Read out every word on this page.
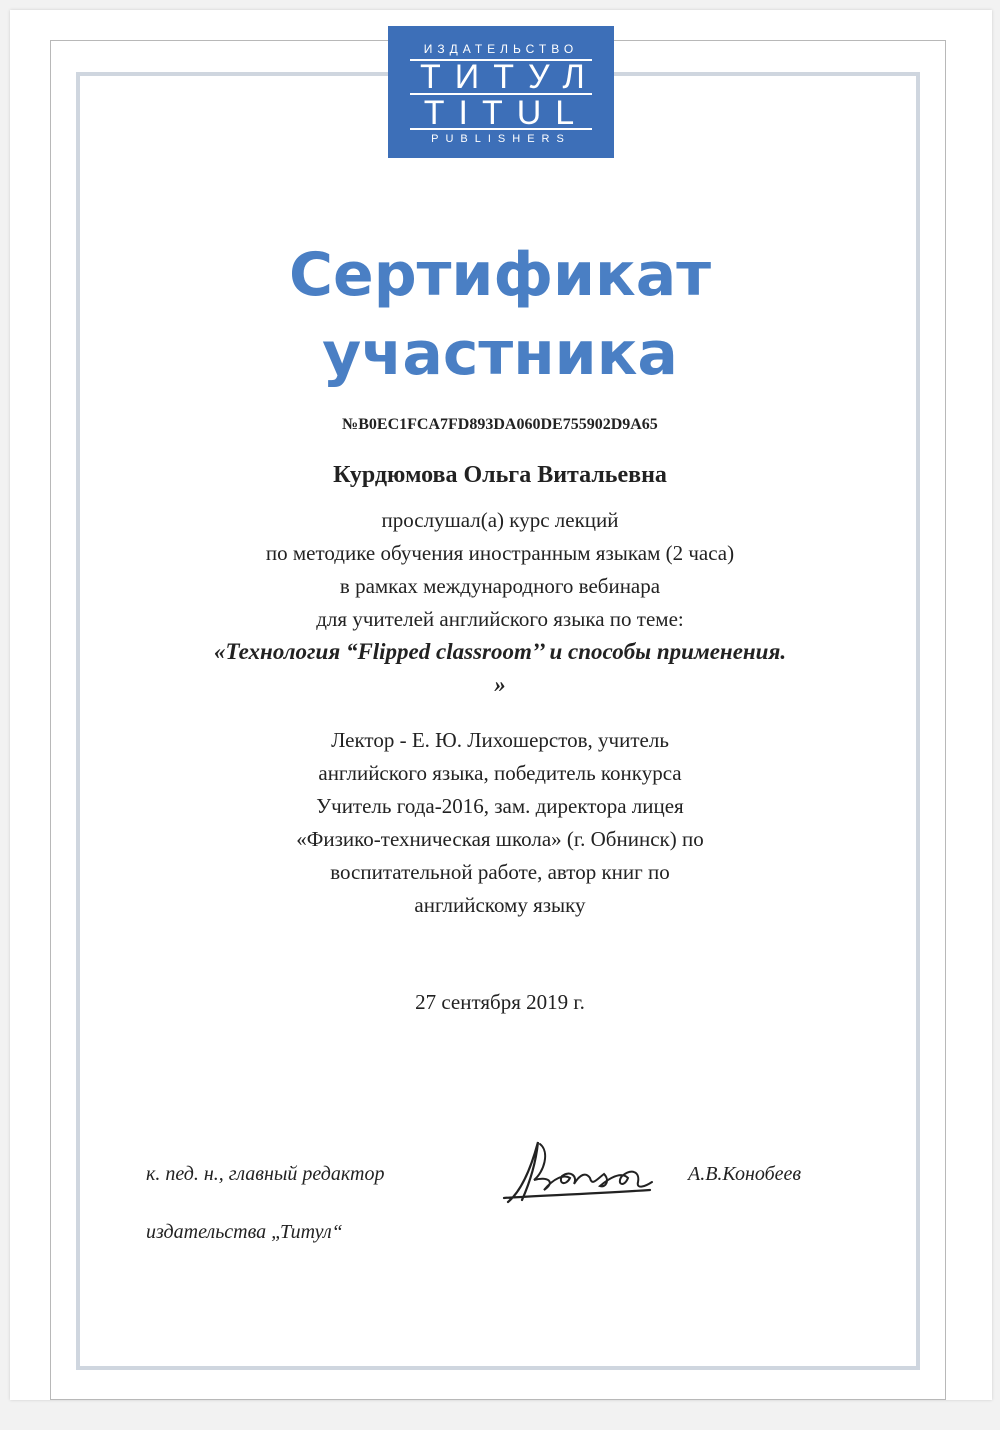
ИЗДАТЕЛЬСТВО
ТИТУЛ
TITUL
PUBLISHERS
Сертификат
участника
№B0EC1FCA7FD893DA060DE755902D9A65
Курдюмова Ольга Витальевна
прослушал(а) курс лекций
по методике обучения иностранным языкам (2 часа)
в рамках международного вебинара
для учителей английского языка по теме:
«Технология “Flipped classroom’’ и способы применения.
»
Лектор - Е. Ю. Лихошерстов, учитель
английского языка, победитель конкурса
Учитель года-2016, зам. директора лицея
«Физико-техническая школа» (г. Обнинск) по
воспитательной работе, автор книг по
английскому языку
27 сентября 2019 г.
к. пед. н., главный редактор
издательства „Титул“
А.В.Конобеев
